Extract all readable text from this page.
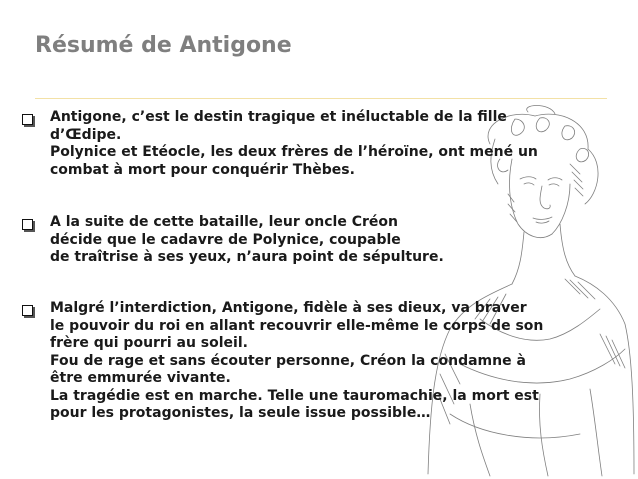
Résumé de Antigone
Antigone, c’est le destin tragique et inéluctable de la fille
d’Œdipe.
Polynice et Etéocle, les deux frères de l’héroïne, ont mené un
combat à mort pour conquérir Thèbes.
A la suite de cette bataille, leur oncle Créon
décide que le cadavre de Polynice, coupable
de traîtrise à ses yeux, n’aura point de sépulture.
Malgré l’interdiction, Antigone, fidèle à ses dieux, va braver
le pouvoir du roi en allant recouvrir elle-même le corps de son
frère qui pourri au soleil.
Fou de rage et sans écouter personne, Créon la condamne à
être emmurée vivante.
La tragédie est en marche. Telle une tauromachie, la mort est
pour les protagonistes, la seule issue possible…
